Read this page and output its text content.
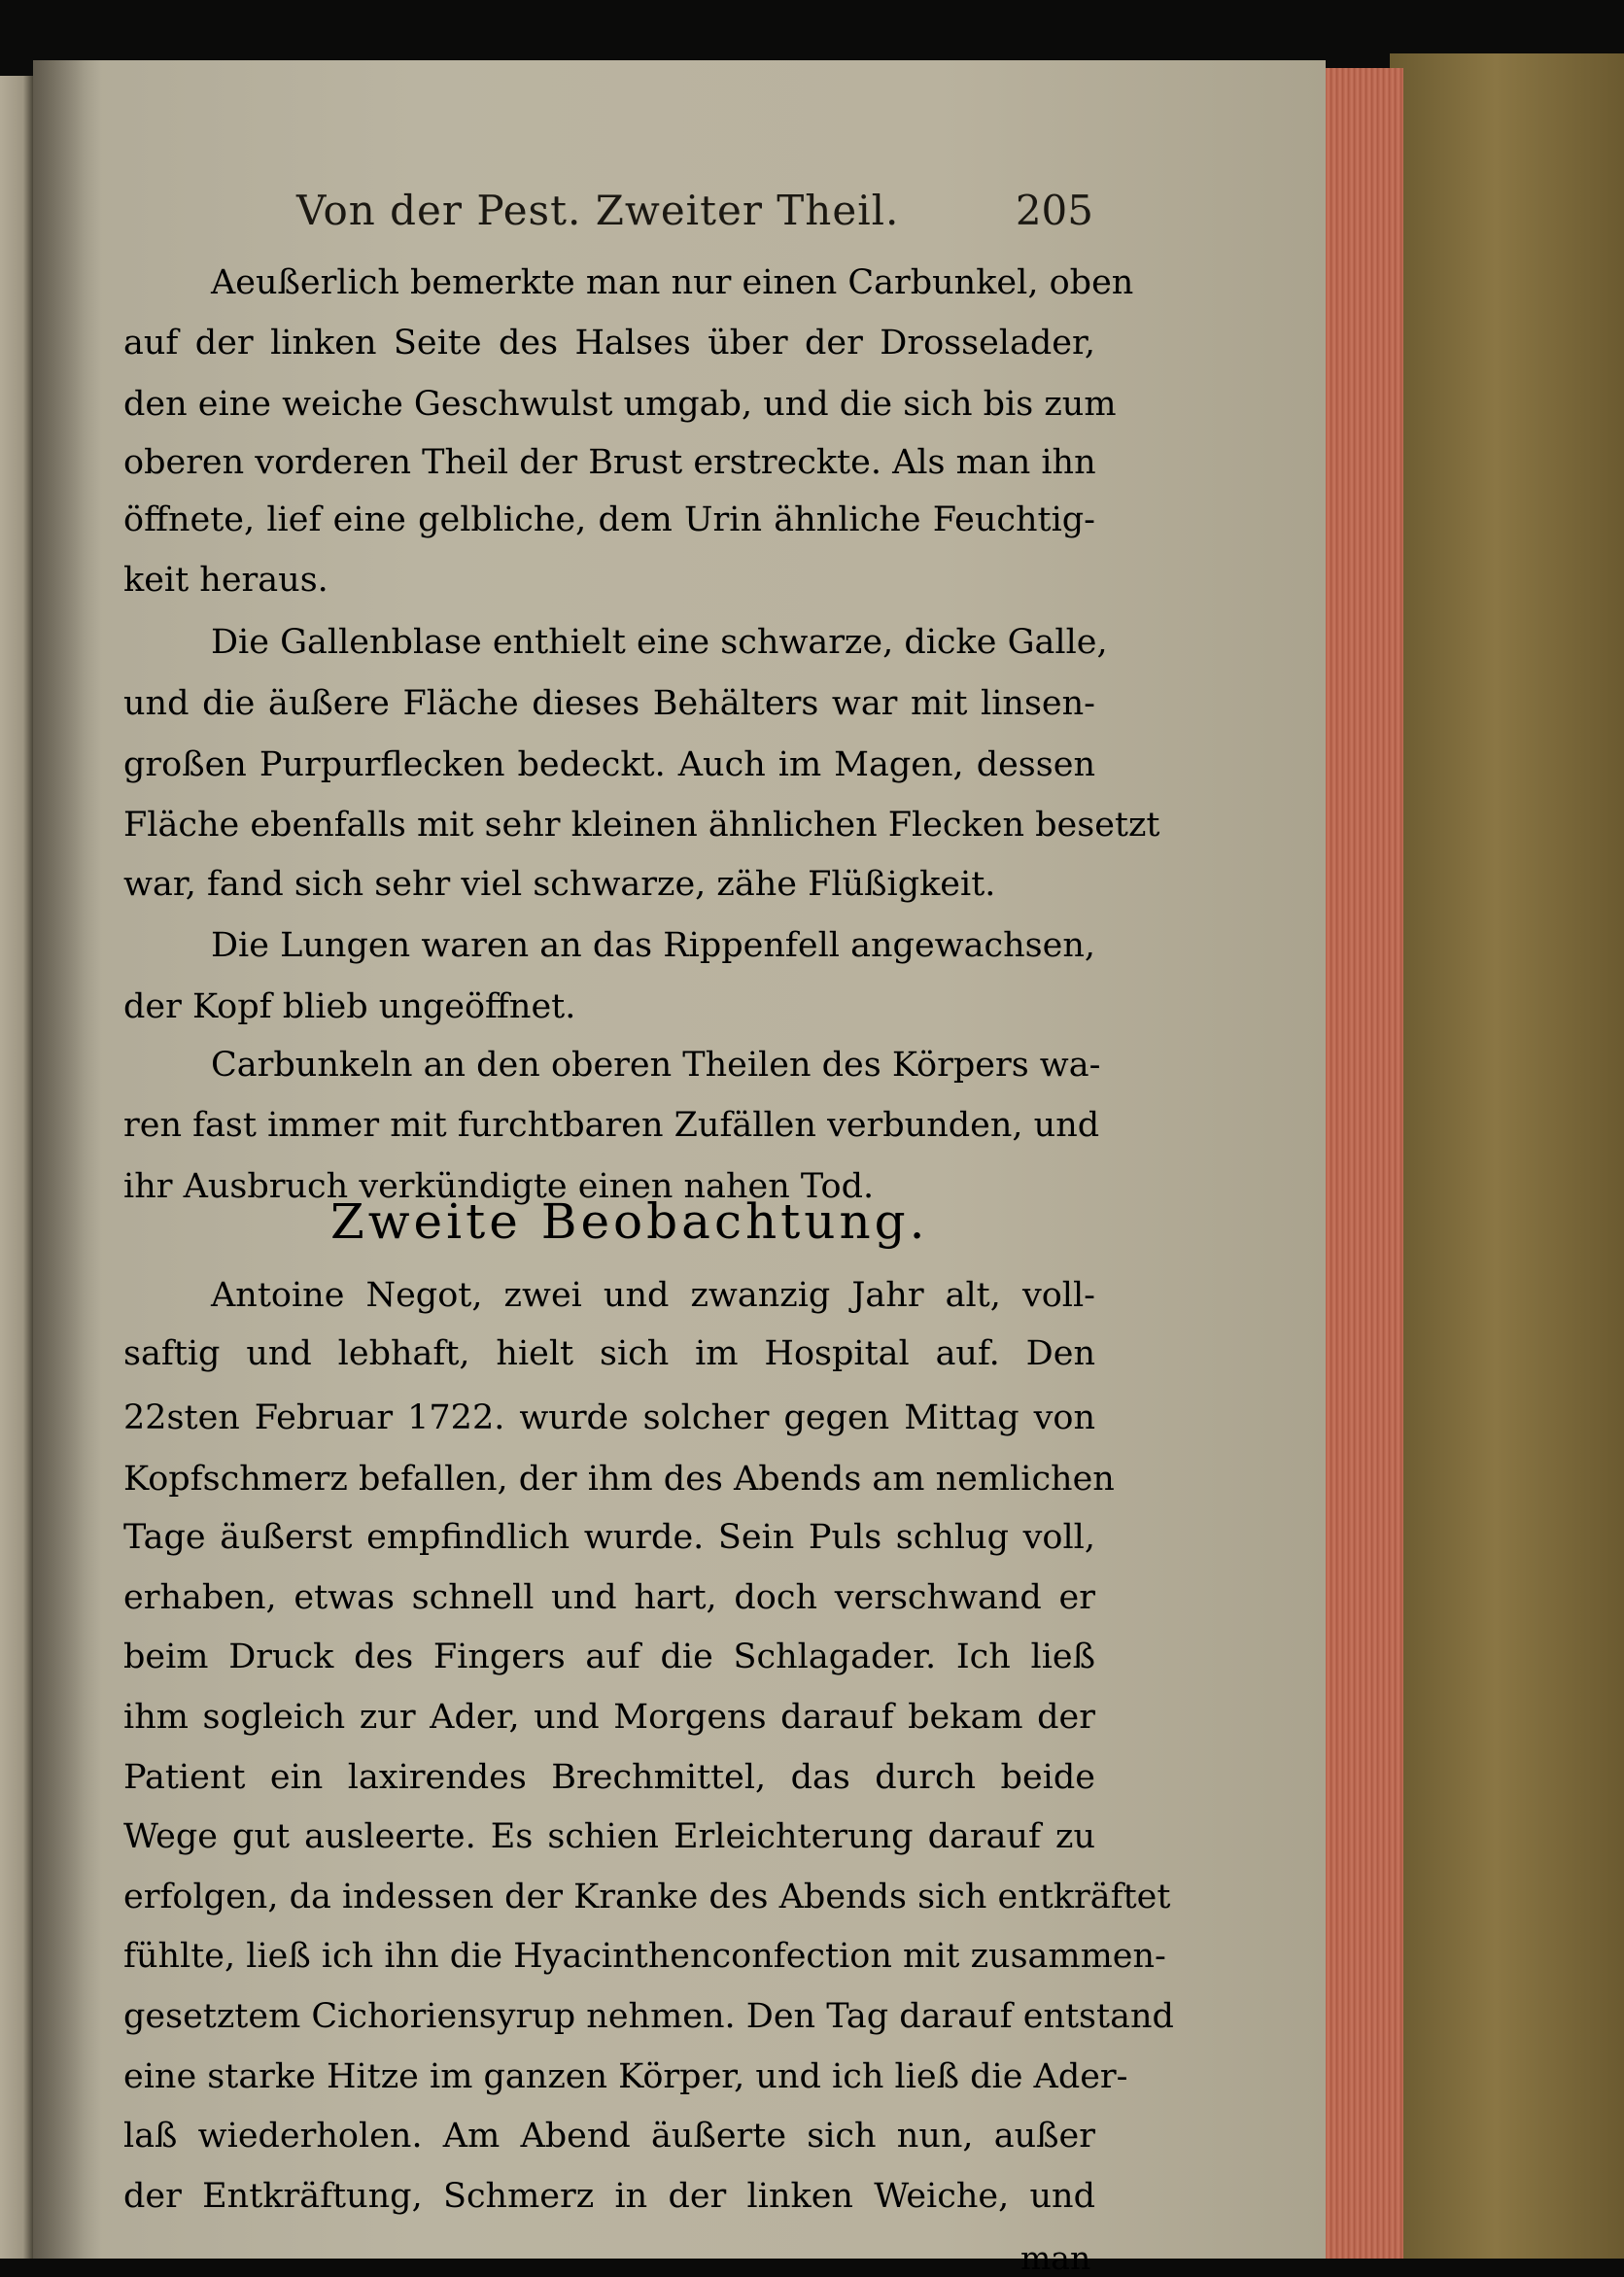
Von der Pest. Zweiter Theil.	205
Aeußerlich bemerkte man nur einen Carbunkel, oben
auf der linken Seite des Halses über der Drosselader,
den eine weiche Geschwulst umgab, und die sich bis zum
oberen vorderen Theil der Brust erstreckte. Als man ihn
öffnete, lief eine gelbliche, dem Urin ähnliche Feuchtig-
keit heraus.
Die Gallenblase enthielt eine schwarze, dicke Galle,
und die äußere Fläche dieses Behälters war mit linsen-
großen Purpurflecken bedeckt. Auch im Magen, dessen
Fläche ebenfalls mit sehr kleinen ähnlichen Flecken besetzt
war, fand sich sehr viel schwarze, zähe Flüßigkeit.
Die Lungen waren an das Rippenfell angewachsen,
der Kopf blieb ungeöffnet.
Carbunkeln an den oberen Theilen des Körpers wa-
ren fast immer mit furchtbaren Zufällen verbunden, und
ihr Ausbruch verkündigte einen nahen Tod.
Zweite Beobachtung.
Antoine Negot, zwei und zwanzig Jahr alt, voll-
saftig und lebhaft, hielt sich im Hospital auf. Den
22sten Februar 1722. wurde solcher gegen Mittag von
Kopfschmerz befallen, der ihm des Abends am nemlichen
Tage äußerst empfindlich wurde. Sein Puls schlug voll,
erhaben, etwas schnell und hart, doch verschwand er
beim Druck des Fingers auf die Schlagader. Ich ließ
ihm sogleich zur Ader, und Morgens darauf bekam der
Patient ein laxirendes Brechmittel, das durch beide
Wege gut ausleerte. Es schien Erleichterung darauf zu
erfolgen, da indessen der Kranke des Abends sich entkräftet
fühlte, ließ ich ihn die Hyacinthenconfection mit zusammen-
gesetztem Cichoriensyrup nehmen. Den Tag darauf entstand
eine starke Hitze im ganzen Körper, und ich ließ die Ader-
laß wiederholen. Am Abend äußerte sich nun, außer
der Entkräftung, Schmerz in der linken Weiche, und
man
